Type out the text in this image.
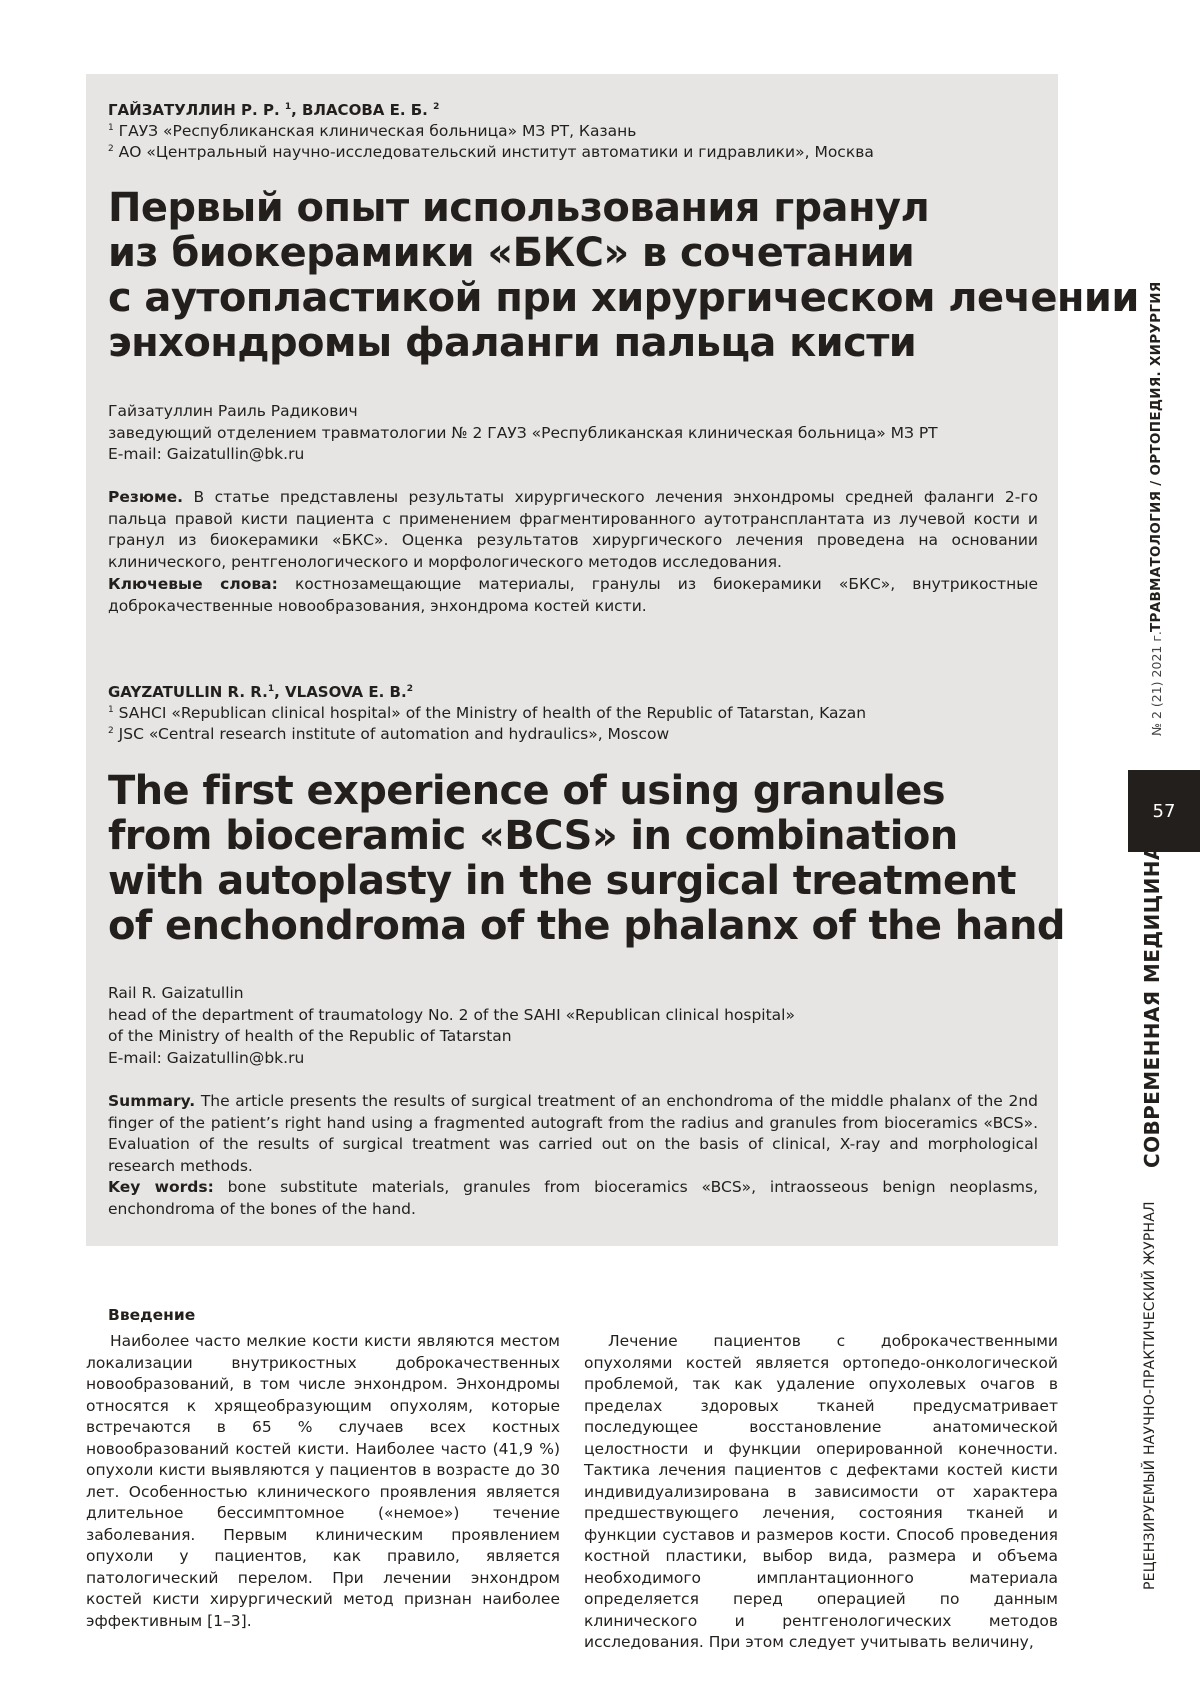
ГАЙЗАТУЛЛИН Р. Р. $^1$, ВЛАСОВА Е. Б. $^2$
$^1$ ГАУЗ «Республиканская клиническая больница» МЗ РТ, Казань
$^2$ АО «Центральный научно-исследовательский институт автоматики и гидравлики», Москва
Первый опыт использования гранул
из биокерамики «БКС» в сочетании
с аутопластикой при хирургическом лечении
энхондромы фаланги пальца кисти
Гайзатуллин Раиль Радикович
заведующий отделением травматологии № 2 ГАУЗ «Республиканская клиническая больница» МЗ РТ
E-mail: Gaizatullin@bk.ru
Резюме. В статье представлены результаты хирургического лечения энхондромы средней фаланги 2-го пальца правой кисти пациента с применением фрагментированного аутотрансплантата из лучевой кости и гранул из биокерамики «БКС». Оценка результатов хирургического лечения проведена на основании клинического, рентгенологического и морфологического методов исследования.
Ключевые слова: костнозамещающие материалы, гранулы из биокерамики «БКС», внутрикостные доброкачественные новообразования, энхондрома костей кисти.
GAYZATULLIN R. R.$^1$, VLASOVA E. B.$^2$
$^1$ SAHCI «Republican clinical hospital» of the Ministry of health of the Republic of Tatarstan, Kazan
$^2$ JSC «Central research institute of automation and hydraulics», Moscow
The first experience of using granules
from bioceramic «BCS» in combination
with autoplasty in the surgical treatment
of enchondroma of the phalanx of the hand
Rail R. Gaizatullin
head of the department of traumatology No. 2 of the SAHI «Republican clinical hospital»
of the Ministry of health of the Republic of Tatarstan
E-mail: Gaizatullin@bk.ru
Summary. The article presents the results of surgical treatment of an enchondroma of the middle phalanx of the 2nd finger of the patient’s right hand using a fragmented autograft from the radius and granules from bioceramics «BCS». Evaluation of the results of surgical treatment was carried out on the basis of clinical, X-ray and morphological research methods.
Key words: bone substitute materials, granules from bioceramics «BCS», intraosseous benign neoplasms, enchondroma of the bones of the hand.
Введение

Наиболее часто мелкие кости кисти являются местом локализации внутрикостных доброкачественных новообразований, в том числе энхондром. Энхондромы относятся к хрящеобразующим опухолям, которые встречаются в 65 % случаев всех костных новообразований костей кисти. Наиболее часто (41,9 %) опухоли кисти выявляются у пациентов в возрасте до 30 лет. Особенностью клинического проявления является длительное бессимптомное («немое») течение заболевания. Первым клиническим проявлением опухоли у пациентов, как правило, является патологический перелом. При лечении энхондром костей кисти хирургический метод признан наиболее эффективным [1–3].

Лечение пациентов с доброкачественными опухолями костей является ортопедо-онкологической проблемой, так как удаление опухолевых очагов в пределах здоровых тканей предусматривает последующее восстановление анатомической целостности и функции оперированной конечности. Тактика лечения пациентов с дефектами костей кисти индивидуализирована в зависимости от характера предшествующего лечения, состояния тканей и функции суставов и размеров кости. Способ проведения костной пластики, выбор вида, размера и объема необходимого имплантационного материала определяется перед операцией по данным клинического и рентгенологических методов исследования. При этом следует учитывать величину,

ТРАВМАТОЛОГИЯ / ОРТОПЕДИЯ. ХИРУРГИЯ
№ 2 (21) 2021 г.
57
СОВРЕМЕННАЯ МЕДИЦИНА
РЕЦЕНЗИРУЕМЫЙ НАУЧНО-ПРАКТИЧЕСКИЙ ЖУРНАЛ
